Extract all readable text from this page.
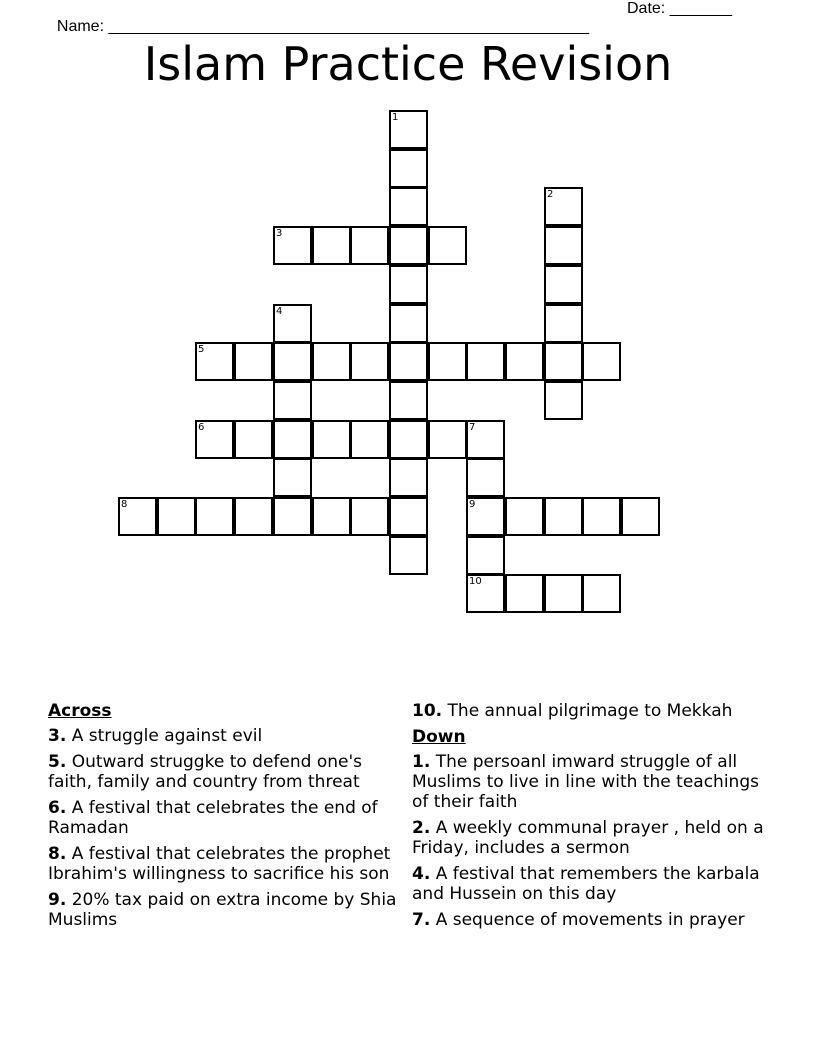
Name: ______________________________________________________

Date: _______

Islam Practice Revision
1
2
3
4
5
6	7
9
8
10
Across
3. A struggle against evil
5. Outward struggke to defend one's faith, family and country from threat
6. A festival that celebrates the end of Ramadan
8. A festival that celebrates the prophet Ibrahim's willingness to sacrifice his son
9. 20% tax paid on extra income by Shia Muslims
10. The annual pilgrimage to Mekkah
Down
1. The persoanl imward struggle of all Muslims to live in line with the teachings of their faith
2. A weekly communal prayer , held on a Friday, includes a sermon
4. A festival that remembers the karbala and Hussein on this day
7. A sequence of movements in prayer
